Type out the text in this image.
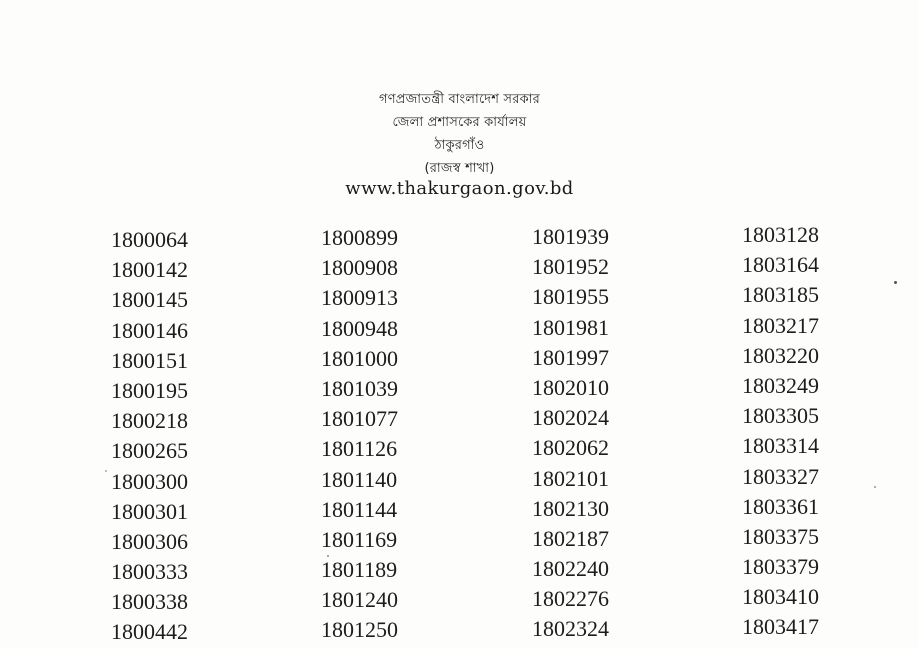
গণপ্রজাতন্ত্রী বাংলাদেশ সরকার
জেলা প্রশাসকের কার্যালয়
ঠাকুরগাঁও
(রাজস্ব শাখা)
www.thakurgaon.gov.bd
1800064
1800142
1800145
1800146
1800151
1800195
1800218
1800265
1800300
1800301
1800306
1800333
1800338
1800442
1800899
1800908
1800913
1800948
1801000
1801039
1801077
1801126
1801140
1801144
1801169
1801189
1801240
1801250
1801939
1801952
1801955
1801981
1801997
1802010
1802024
1802062
1802101
1802130
1802187
1802240
1802276
1802324
1803128
1803164
1803185
1803217
1803220
1803249
1803305
1803314
1803327
1803361
1803375
1803379
1803410
1803417
